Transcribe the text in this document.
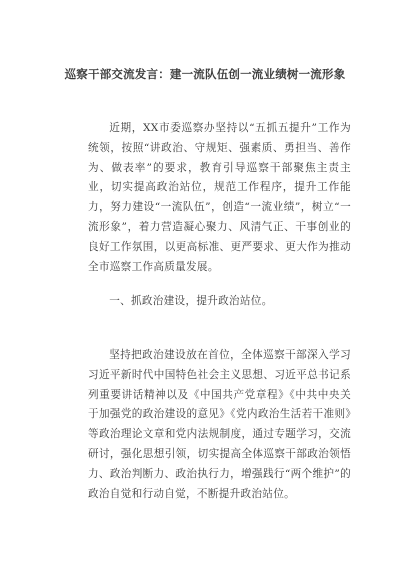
巡察干部交流发言：建一流队伍创一流业绩树一流形象

近期，XX市委巡察办坚持以“五抓五提升”工作为统领，按照“讲政治、守规矩、强素质、勇担当、善作为、做表率”的要求，教育引导巡察干部聚焦主责主业，切实提高政治站位，规范工作程序，提升工作能力，努力建设“一流队伍”，创造“一流业绩”，树立“一流形象”，着力营造凝心聚力、风清气正、干事创业的良好工作氛围，以更高标准、更严要求、更大作为推动全市巡察工作高质量发展。

一、抓政治建设，提升政治站位。

坚持把政治建设放在首位，全体巡察干部深入学习习近平新时代中国特色社会主义思想、习近平总书记系列重要讲话精神以及《中国共产党章程》《中共中央关于加强党的政治建设的意见》《党内政治生活若干准则》等政治理论文章和党内法规制度，通过专题学习，交流研讨，强化思想引领，切实提高全体巡察干部政治领悟力、政治判断力、政治执行力，增强践行“两个维护”的政治自觉和行动自觉，不断提升政治站位。
